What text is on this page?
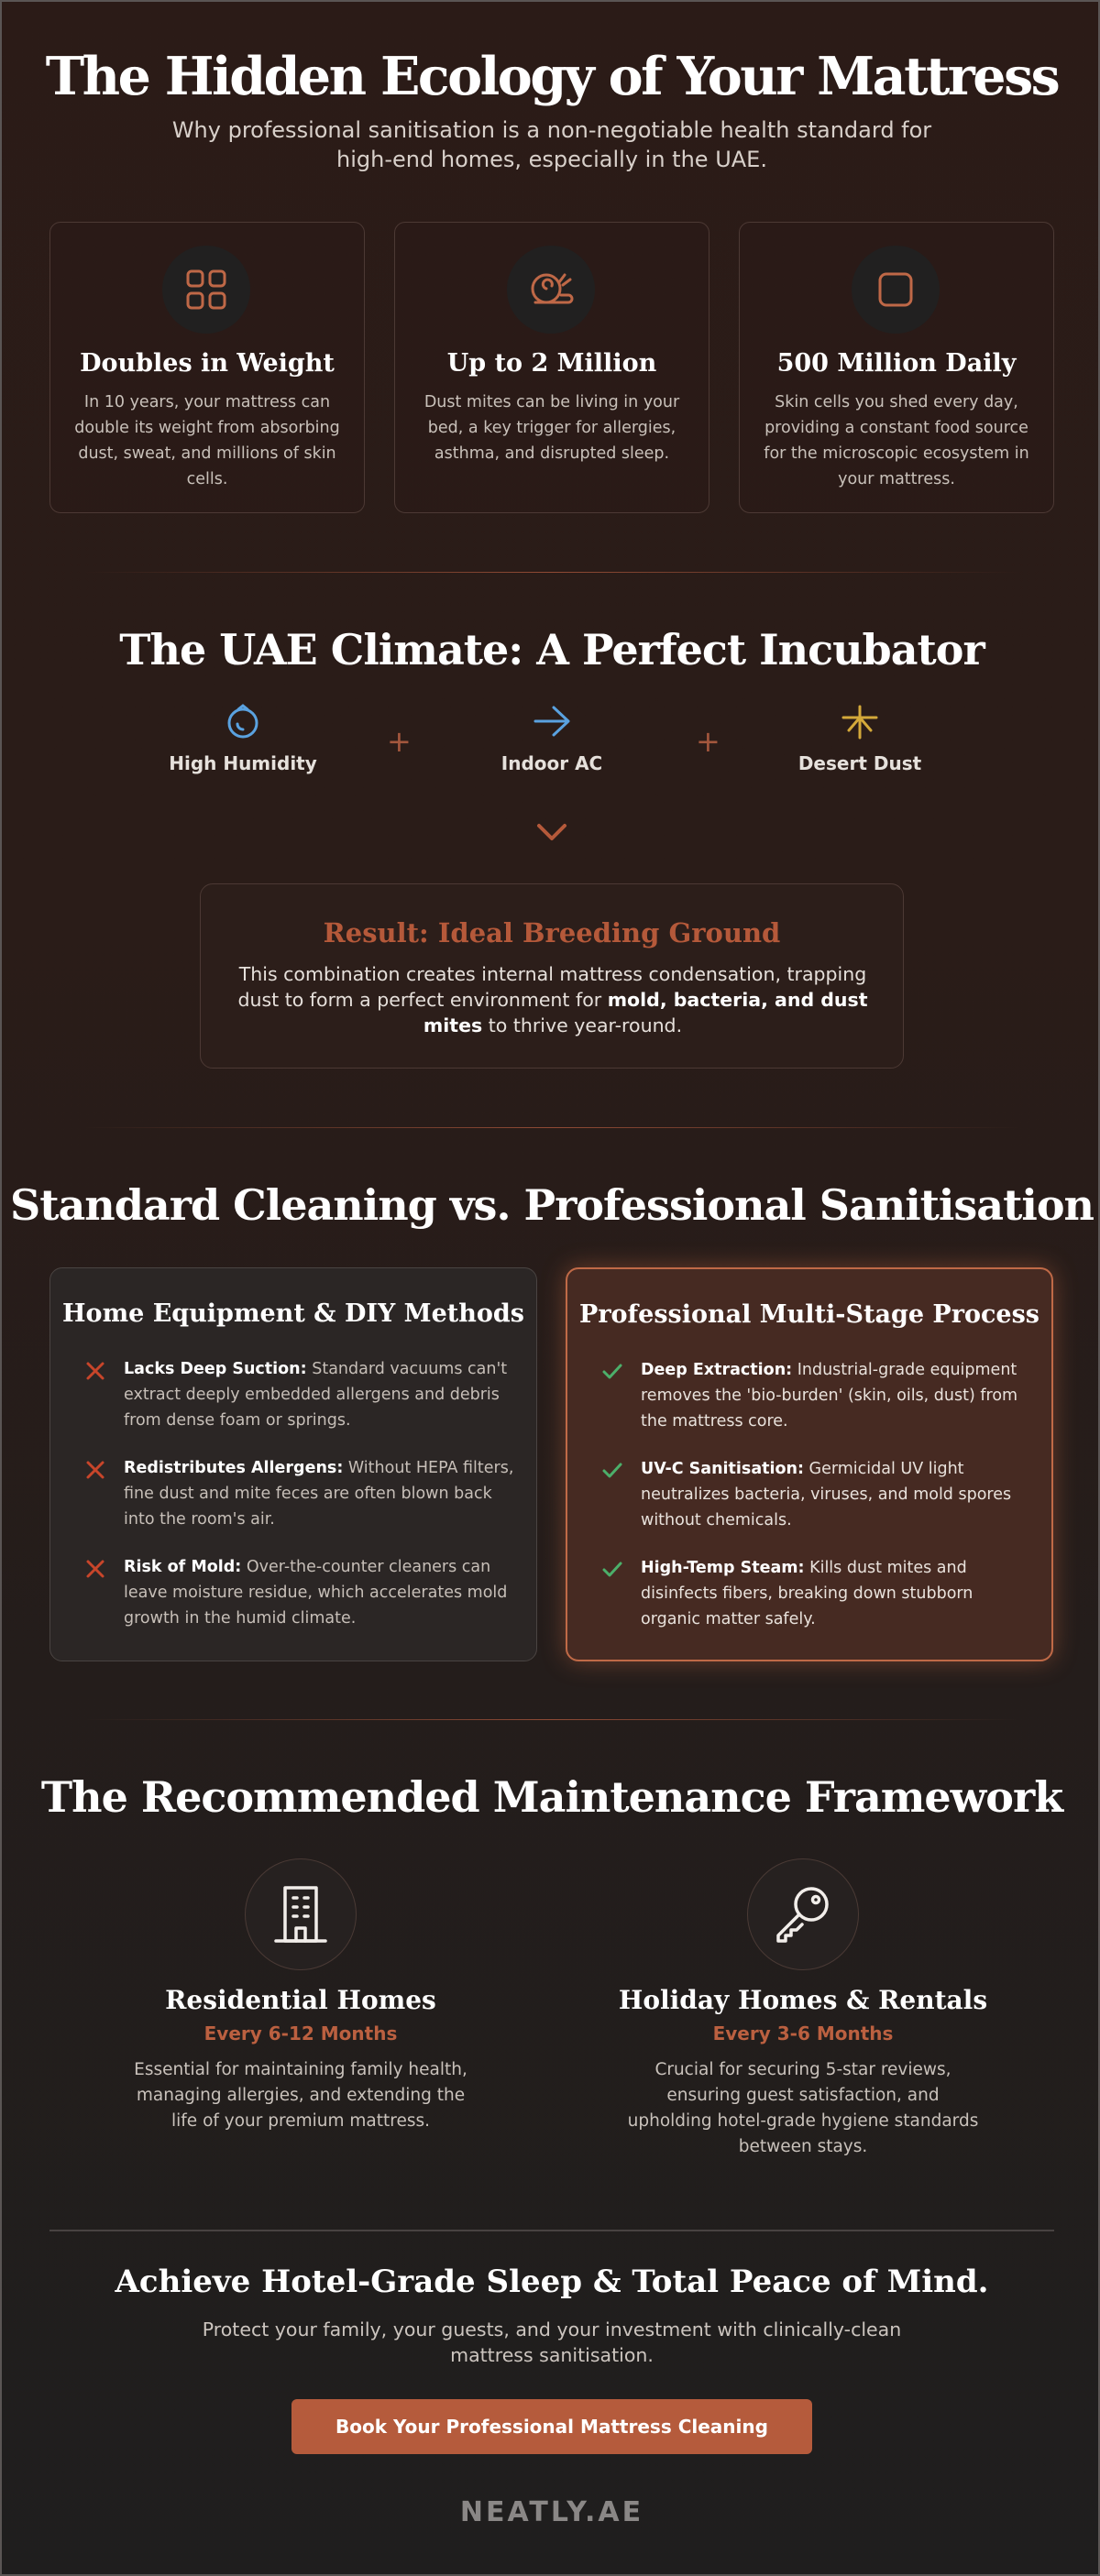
The Hidden Ecology of Your Mattress

Why professional sanitisation is a non-negotiable health standard for high-end homes, especially in the UAE.

Doubles in Weight
In 10 years, your mattress can double its weight from absorbing dust, sweat, and millions of skin cells.
Up to 2 Million
Dust mites can be living in your bed, a key trigger for allergies, asthma, and disrupted sleep.
500 Million Daily
Skin cells you shed every day, providing a constant food source for the microscopic ecosystem in your mattress.
The UAE Climate: A Perfect Incubator
High Humidity
+
Indoor AC
+
Desert Dust
Result: Ideal Breeding Ground

This combination creates internal mattress condensation, trapping dust to form a perfect environment for mold, bacteria, and dust mites to thrive year-round.

Standard Cleaning vs. Professional Sanitisation
Home Equipment & DIY Methods

Lacks Deep Suction: Standard vacuums can't extract deeply embedded allergens and debris from dense foam or springs.

Redistributes Allergens: Without HEPA filters, fine dust and mite feces are often blown back into the room's air.

Risk of Mold: Over-the-counter cleaners can leave moisture residue, which accelerates mold growth in the humid climate.

Professional Multi-Stage Process

Deep Extraction: Industrial-grade equipment removes the 'bio-burden' (skin, oils, dust) from the mattress core.

UV-C Sanitisation: Germicidal UV light neutralizes bacteria, viruses, and mold spores without chemicals.

High-Temp Steam: Kills dust mites and disinfects fibers, breaking down stubborn organic matter safely.

The Recommended Maintenance Framework
Residential Homes
Every 6-12 Months

Essential for maintaining family health, managing allergies, and extending the life of your premium mattress.

Holiday Homes & Rentals
Every 3-6 Months

Crucial for securing 5-star reviews, ensuring guest satisfaction, and upholding hotel-grade hygiene standards between stays.

Achieve Hotel-Grade Sleep & Total Peace of Mind.

Protect your family, your guests, and your investment with clinically-clean mattress sanitisation.

Book Your Professional Mattress Cleaning
NEATLY.AE
